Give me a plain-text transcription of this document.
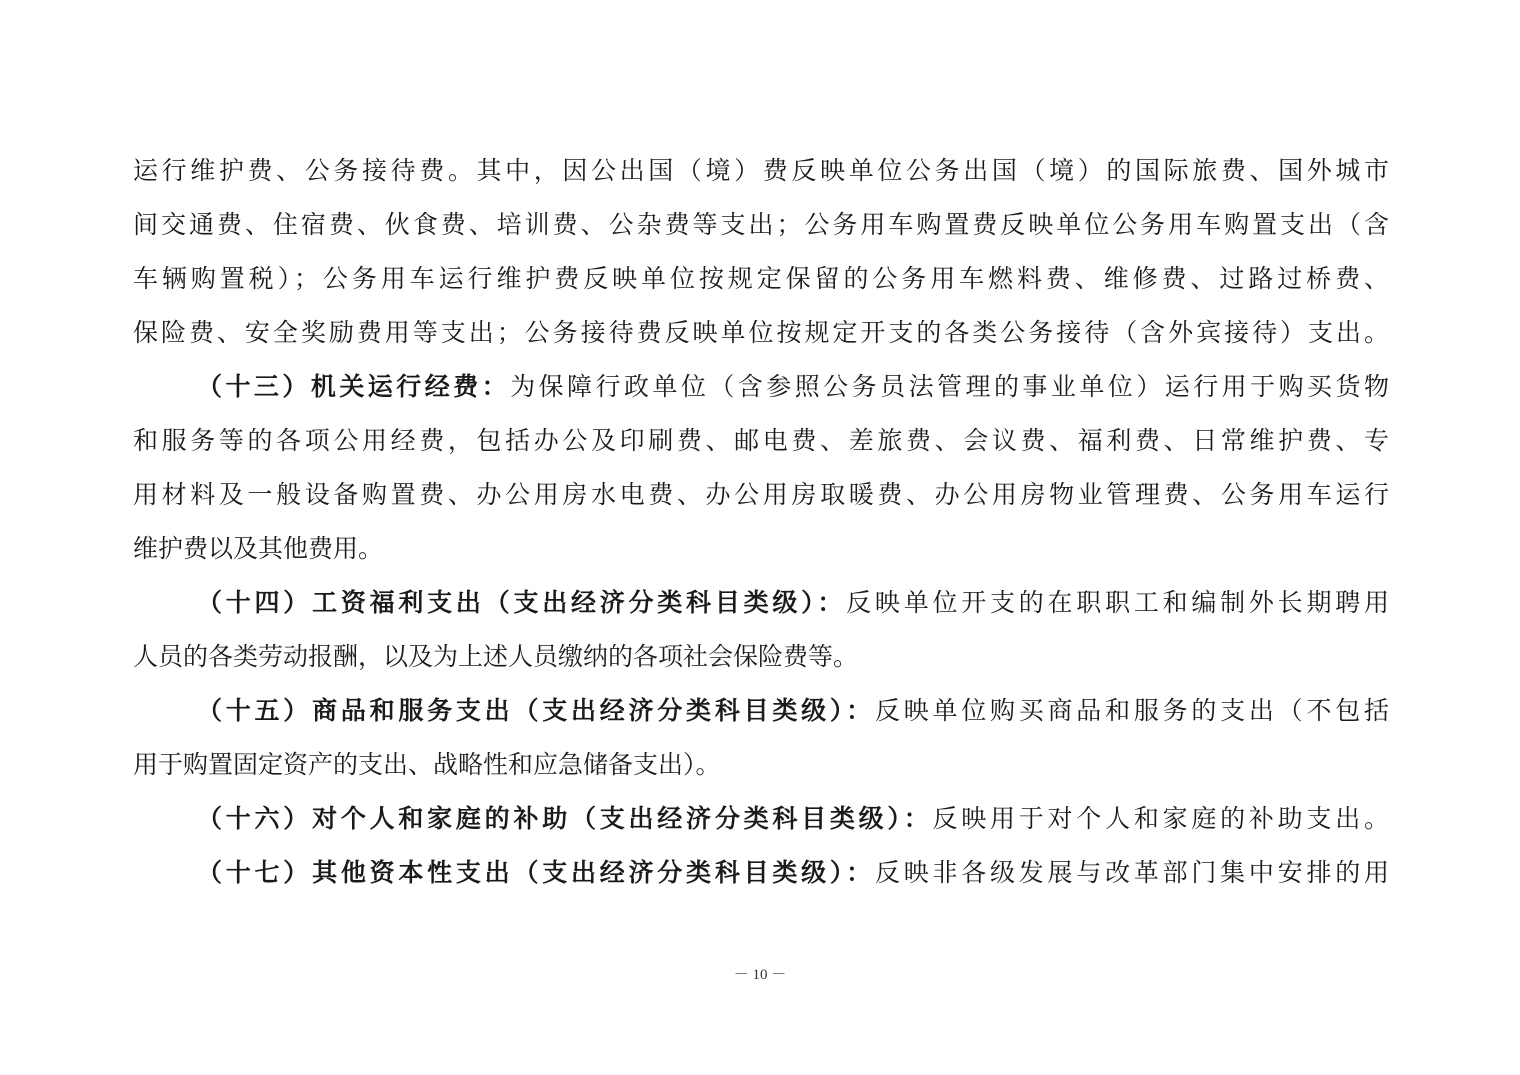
运行维护费、公务接待费。其中，因公出国（境）费反映单位公务出国（境）的国际旅费、国外城市
间交通费、住宿费、伙食费、培训费、公杂费等支出；公务用车购置费反映单位公务用车购置支出（含
车辆购置税）；公务用车运行维护费反映单位按规定保留的公务用车燃料费、维修费、过路过桥费、
保险费、安全奖励费用等支出；公务接待费反映单位按规定开支的各类公务接待（含外宾接待）支出。
（十三）机关运行经费：为保障行政单位（含参照公务员法管理的事业单位）运行用于购买货物
和服务等的各项公用经费，包括办公及印刷费、邮电费、差旅费、会议费、福利费、日常维护费、专
用材料及一般设备购置费、办公用房水电费、办公用房取暖费、办公用房物业管理费、公务用车运行
维护费以及其他费用。
（十四）工资福利支出（支出经济分类科目类级）：反映单位开支的在职职工和编制外长期聘用
人员的各类劳动报酬，以及为上述人员缴纳的各项社会保险费等。
（十五）商品和服务支出（支出经济分类科目类级）：反映单位购买商品和服务的支出（不包括
用于购置固定资产的支出、战略性和应急储备支出）。
（十六）对个人和家庭的补助（支出经济分类科目类级）：反映用于对个人和家庭的补助支出。
（十七）其他资本性支出（支出经济分类科目类级）：反映非各级发展与改革部门集中安排的用
－ 10 －
